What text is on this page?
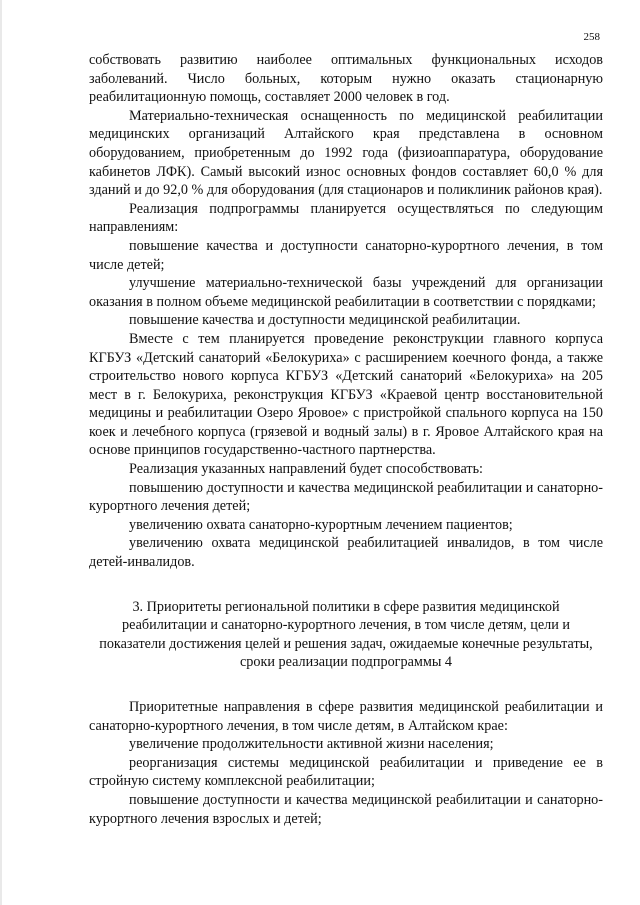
258

собствовать развитию наиболее оптимальных функциональных исходов заболеваний. Число больных, которым нужно оказать стационарную реабилитационную помощь, составляет 2000 человек в год.

Материально-техническая оснащенность по медицинской реабилитации медицинских организаций Алтайского края представлена в основном оборудованием, приобретенным до 1992 года (физиоаппаратура, оборудование кабинетов ЛФК). Самый высокий износ основных фондов составляет 60,0 % для зданий и до 92,0 % для оборудования (для стационаров и поликлиник районов края).

Реализация подпрограммы планируется осуществляться по следующим направлениям:

повышение качества и доступности санаторно-курортного лечения, в том числе детей;

улучшение материально-технической базы учреждений для организации оказания в полном объеме медицинской реабилитации в соответствии с порядками;

повышение качества и доступности медицинской реабилитации.

Вместе с тем планируется проведение реконструкции главного корпуса КГБУЗ «Детский санаторий «Белокуриха» с расширением коечного фонда, а также строительство нового корпуса КГБУЗ «Детский санаторий «Белокуриха» на 205 мест в г. Белокуриха, реконструкция КГБУЗ «Краевой центр восстановительной медицины и реабилитации Озеро Яровое» с пристройкой спального корпуса на 150 коек и лечебного корпуса (грязевой и водный залы) в г. Яровое Алтайского края на основе принципов государственно-частного партнерства.

Реализация указанных направлений будет способствовать:

повышению доступности и качества медицинской реабилитации и санаторно-курортного лечения детей;

увеличению охвата санаторно-курортным лечением пациентов;

увеличению охвата медицинской реабилитацией инвалидов, в том числе детей-инвалидов.

3. Приоритеты региональной политики в сфере развития медицинской реабилитации и санаторно-курортного лечения, в том числе детям, цели и показатели достижения целей и решения задач, ожидаемые конечные результаты, сроки реализации подпрограммы 4

Приоритетные направления в сфере развития медицинской реабилитации и санаторно-курортного лечения, в том числе детям, в Алтайском крае:

увеличение продолжительности активной жизни населения;

реорганизация системы медицинской реабилитации и приведение ее в стройную систему комплексной реабилитации;

повышение доступности и качества медицинской реабилитации и санаторно-курортного лечения взрослых и детей;
